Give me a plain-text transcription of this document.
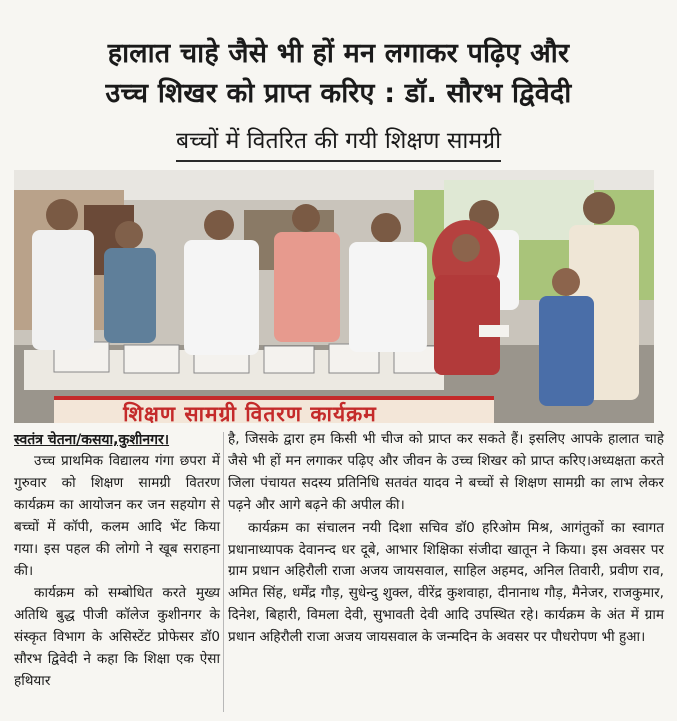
हालात चाहे जैसे भी हों मन लगाकर पढ़िए और
उच्च शिखर को प्राप्त करिए : डॉ. सौरभ द्विवेदी
बच्चों में वितरित की गयी शिक्षण सामग्री
शिक्षण सामग्री वितरण कार्यक्रम
स्वतंत्र चेतना/कसया,कुशीनगर।

उच्च प्राथमिक विद्यालय गंगा छपरा में गुरुवार को शिक्षण सामग्री वितरण कार्यक्रम का आयोजन कर जन सहयोग से बच्चों में कॉपी, कलम आदि भेंट किया गया। इस पहल की लोगो ने खूब सराहना की।

कार्यक्रम को सम्बोधित करते मुख्य अतिथि बुद्ध पीजी कॉलेज कुशीनगर के संस्कृत विभाग के असिस्टेंट प्रोफेसर डॉ0 सौरभ द्विवेदी ने कहा कि शिक्षा एक ऐसा हथियार

है, जिसके द्वारा हम किसी भी चीज को प्राप्त कर सकते हैं। इसलिए आपके हालात चाहे जैसे भी हों मन लगाकर पढ़िए और जीवन के उच्च शिखर को प्राप्त करिए।अध्यक्षता करते जिला पंचायत सदस्य प्रतिनिधि सतवंत यादव ने बच्चों से शिक्षण सामग्री का लाभ लेकर पढ़ने और आगे बढ़ने की अपील की।

कार्यक्रम का संचालन नयी दिशा सचिव डॉ0 हरिओम मिश्र, आगंतुकों का स्वागत प्रधानाध्यापक देवानन्द धर दूबे, आभार शिक्षिका संजीदा खातून ने किया। इस अवसर पर ग्राम प्रधान अहिरौली राजा अजय जायसवाल, साहिल अहमद, अनिल तिवारी, प्रवीण राव, अमित सिंह, धर्मेंद्र गौड़, सुधेन्दु शुक्ल, वीरेंद्र कुशवाहा, दीनानाथ गौड़, मैनेजर, राजकुमार, दिनेश, बिहारी, विमला देवी, सुभावती देवी आदि उपस्थित रहे। कार्यक्रम के अंत में ग्राम प्रधान अहिरौली राजा अजय जायसवाल के जन्मदिन के अवसर पर पौधरोपण भी हुआ।
